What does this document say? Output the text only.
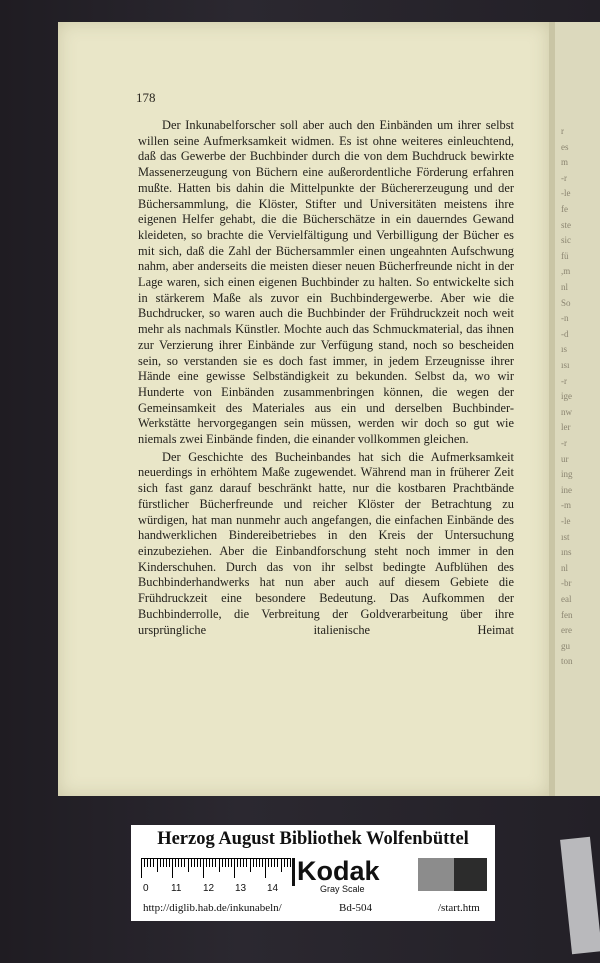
r
es
m
-r
-le
fe
ste
sic
fü
,m
nl
So
-n
-d
ıs
ısı
-r
ige
nw
ler
-r
ur
ing
ine
-m
-le
ıst
ıns
nl
-br
eal
fen
ere
gu
ton
178

Der Inkunabelforscher soll aber auch den Einbänden um ihrer selbst willen seine Aufmerksamkeit widmen. Es ist ohne weiteres einleuchtend, daß das Gewerbe der Buchbinder durch die von dem Buchdruck bewirkte Massenerzeugung von Büchern eine außerordentliche Förderung erfahren mußte. Hatten bis dahin die Mittelpunkte der Büchererzeugung und der Büchersammlung, die Klöster, Stifter und Universitäten meistens ihre eigenen Helfer gehabt, die die Bücherschätze in ein dauerndes Gewand kleideten, so brachte die Vervielfältigung und Verbilligung der Bücher es mit sich, daß die Zahl der Büchersammler einen ungeahnten Aufschwung nahm, aber anderseits die meisten dieser neuen Bücherfreunde nicht in der Lage waren, sich einen eigenen Buchbinder zu halten. So entwickelte sich in stärkerem Maße als zuvor ein Buchbindergewerbe. Aber wie die Buchdrucker, so waren auch die Buchbinder der Frühdruckzeit noch weit mehr als nachmals Künstler. Mochte auch das Schmuckmaterial, das ihnen zur Verzierung ihrer Einbände zur Verfügung stand, noch so bescheiden sein, so verstanden sie es doch fast immer, in jedem Erzeugnisse ihrer Hände eine gewisse Selbständigkeit zu bekunden. Selbst da, wo wir Hunderte von Einbänden zusammenbringen können, die wegen der Gemeinsamkeit des Materiales aus ein und derselben Buchbinder-Werkstätte hervorgegangen sein müssen, werden wir doch so gut wie niemals zwei Einbände finden, die einander vollkommen gleichen.

Der Geschichte des Bucheinbandes hat sich die Aufmerksamkeit neuerdings in erhöhtem Maße zugewendet. Während man in früherer Zeit sich fast ganz darauf beschränkt hatte, nur die kostbaren Prachtbände fürstlicher Bücherfreunde und reicher Klöster der Betrachtung zu würdigen, hat man nunmehr auch angefangen, die einfachen Einbände des handwerklichen Bindereibetriebes in den Kreis der Untersuchung einzubeziehen. Aber die Einbandforschung steht noch immer in den Kinderschuhen. Durch das von ihr selbst bedingte Aufblühen des Buchbinderhandwerks hat nun aber auch auf diesem Gebiete die Frühdruckzeit eine besondere Bedeutung. Das Aufkommen der Buchbinderrolle, die Verbreitung der Goldverarbeitung über ihre ursprüngliche italienische Heimat

Herzog August Bibliothek Wolfenbüttel
0 11 12 13 14
Kodak
Gray Scale
http://diglib.hab.de/inkunabeln/	Bd-504	/start.htm
